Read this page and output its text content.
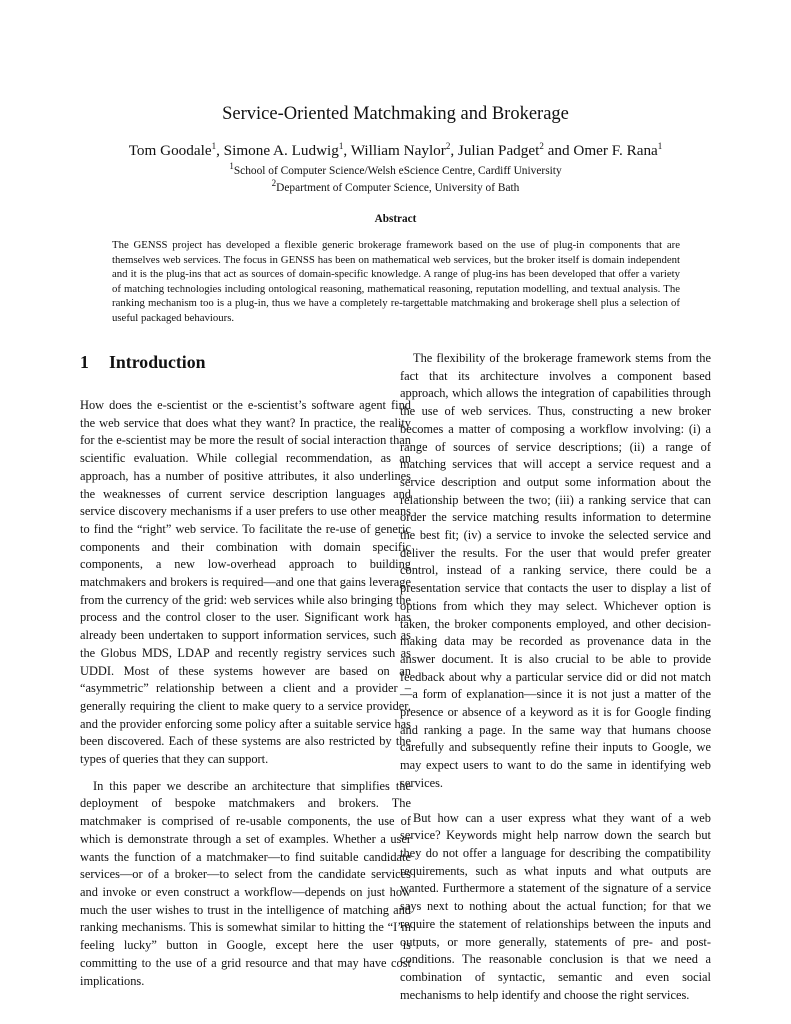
Service-Oriented Matchmaking and Brokerage
Tom Goodale$^1$, Simone A. Ludwig$^1$, William Naylor$^2$, Julian Padget$^2$ and Omer F. Rana$^1$

$^1$School of Computer Science/Welsh eScience Centre, Cardiff University

$^2$Department of Computer Science, University of Bath

Abstract

The GENSS project has developed a flexible generic brokerage framework based on the use of plug-in components that are themselves web services. The focus in GENSS has been on mathematical web services, but the broker itself is domain independent and it is the plug-ins that act as sources of domain-specific knowledge. A range of plug-ins has been developed that offer a variety of matching technologies including ontological reasoning, mathematical reasoning, reputation modelling, and textual analysis. The ranking mechanism too is a plug-in, thus we have a completely re-targettable matchmaking and brokerage shell plus a selection of useful packaged behaviours.

1 Introduction

How does the e-scientist or the e-scientist’s software agent find the web service that does what they want? In practice, the reality for the e-scientist may be more the result of social interaction than scientific evaluation. While collegial recommendation, as an approach, has a number of positive attributes, it also underlines the weaknesses of current service description languages and service discovery mechanisms if a user prefers to use other means to find the “right” web service. To facilitate the re-use of generic components and their combination with domain specific components, a new low-overhead approach to building matchmakers and brokers is required—and one that gains leverage from the currency of the grid: web services while also bringing the process and the control closer to the user. Significant work has already been undertaken to support information services, such as the Globus MDS, LDAP and recently registry services such as UDDI. Most of these systems however are based on an “asymmetric” relationship between a client and a provider – generally requiring the client to make query to a service provider, and the provider enforcing some policy after a suitable service has been discovered. Each of these systems are also restricted by the types of queries that they can support.

In this paper we describe an architecture that simplifies the deployment of bespoke matchmakers and brokers. The matchmaker is comprised of re-usable components, the use of which is demonstrate through a set of examples. Whether a user wants the function of a matchmaker—to find suitable candidate services—or of a broker—to select from the candidate services and invoke or even construct a workflow—depends on just how much the user wishes to trust in the intelligence of matching and ranking mechanisms. This is somewhat similar to hitting the “I’m feeling lucky” button in Google, except here the user is committing to the use of a grid resource and that may have cost implications.

The flexibility of the brokerage framework stems from the fact that its architecture involves a component based approach, which allows the integration of capabilities through the use of web services. Thus, constructing a new broker becomes a matter of composing a workflow involving: (i) a range of sources of service descriptions; (ii) a range of matching services that will accept a service request and a service description and output some information about the relationship between the two; (iii) a ranking service that can order the service matching results information to determine the best fit; (iv) a service to invoke the selected service and deliver the results. For the user that would prefer greater control, instead of a ranking service, there could be a presentation service that contacts the user to display a list of options from which they may select. Whichever option is taken, the broker components employed, and other decision-making data may be recorded as provenance data in the answer document. It is also crucial to be able to provide feedback about why a particular service did or did not match—a form of explanation—since it is not just a matter of the presence or absence of a keyword as it is for Google finding and ranking a page. In the same way that humans choose carefully and subsequently refine their inputs to Google, we may expect users to want to do the same in identifying web services.

But how can a user express what they want of a web service? Keywords might help narrow down the search but they do not offer a language for describing the compatibility requirements, such as what inputs and what outputs are wanted. Furthermore a statement of the signature of a service says next to nothing about the actual function; for that we require the statement of relationships between the inputs and outputs, or more generally, statements of pre- and post-conditions. The reasonable conclusion is that we need a combination of syntactic, semantic and even social mechanisms to help identify and choose the right services.
